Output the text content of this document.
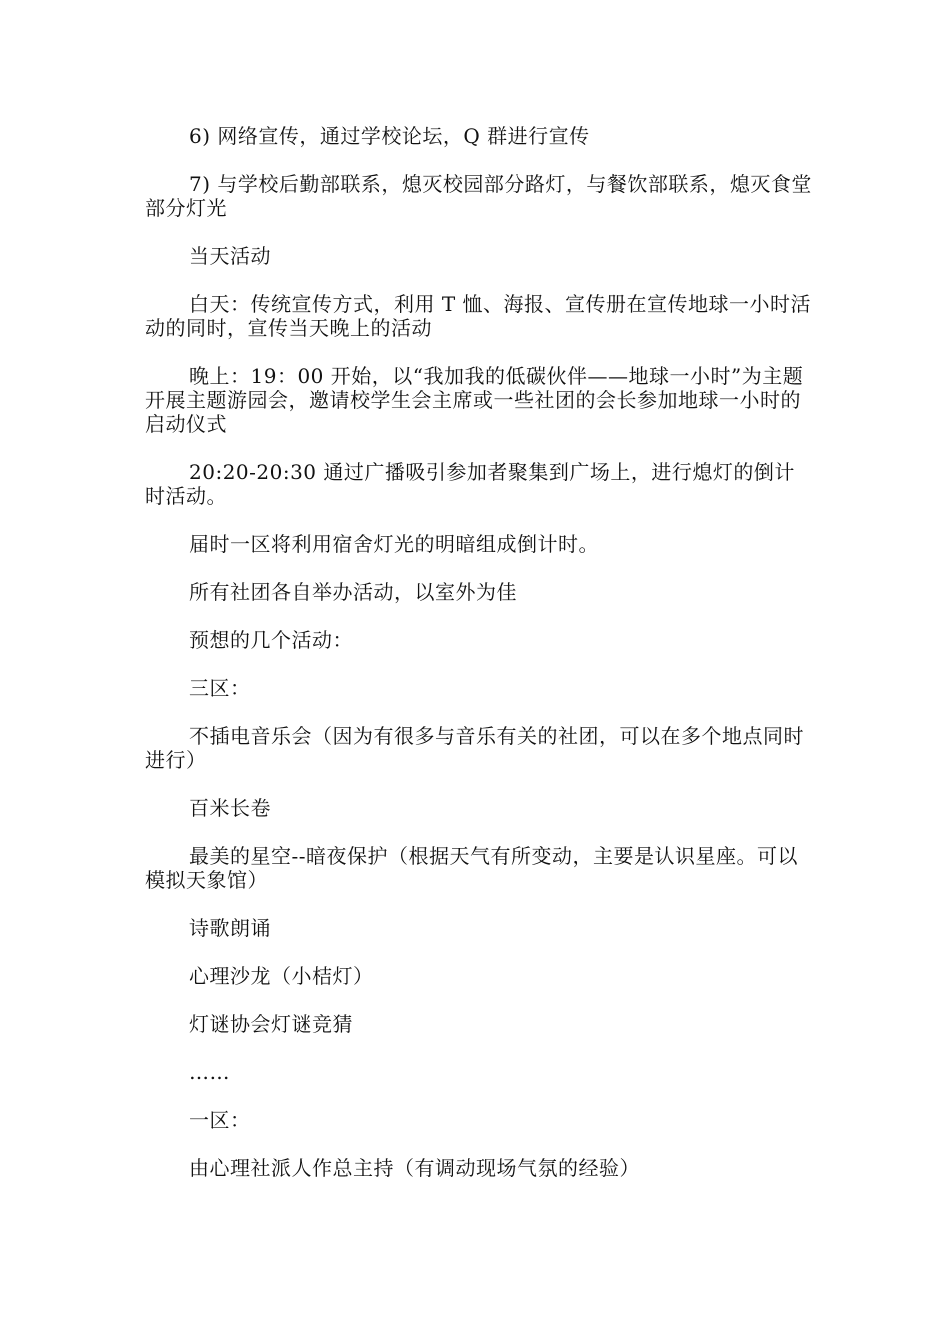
6) 网络宣传，通过学校论坛，Q 群进行宣传

7) 与学校后勤部联系，熄灭校园部分路灯，与餐饮部联系，熄灭食堂部分灯光

当天活动

白天：传统宣传方式，利用 T 恤、海报、宣传册在宣传地球一小时活动的同时，宣传当天晚上的活动

晚上：19：00 开始，以“我加我的低碳伙伴——地球一小时”为主题开展主题游园会，邀请校学生会主席或一些社团的会长参加地球一小时的启动仪式

20:20-20:30 通过广播吸引参加者聚集到广场上，进行熄灯的倒计时活动。

届时一区将利用宿舍灯光的明暗组成倒计时。

所有社团各自举办活动，以室外为佳

预想的几个活动：

三区：

不插电音乐会（因为有很多与音乐有关的社团，可以在多个地点同时进行）

百米长卷

最美的星空--暗夜保护（根据天气有所变动，主要是认识星座。可以模拟天象馆）

诗歌朗诵

心理沙龙（小桔灯）

灯谜协会灯谜竞猜

……

一区：

由心理社派人作总主持（有调动现场气氛的经验）
